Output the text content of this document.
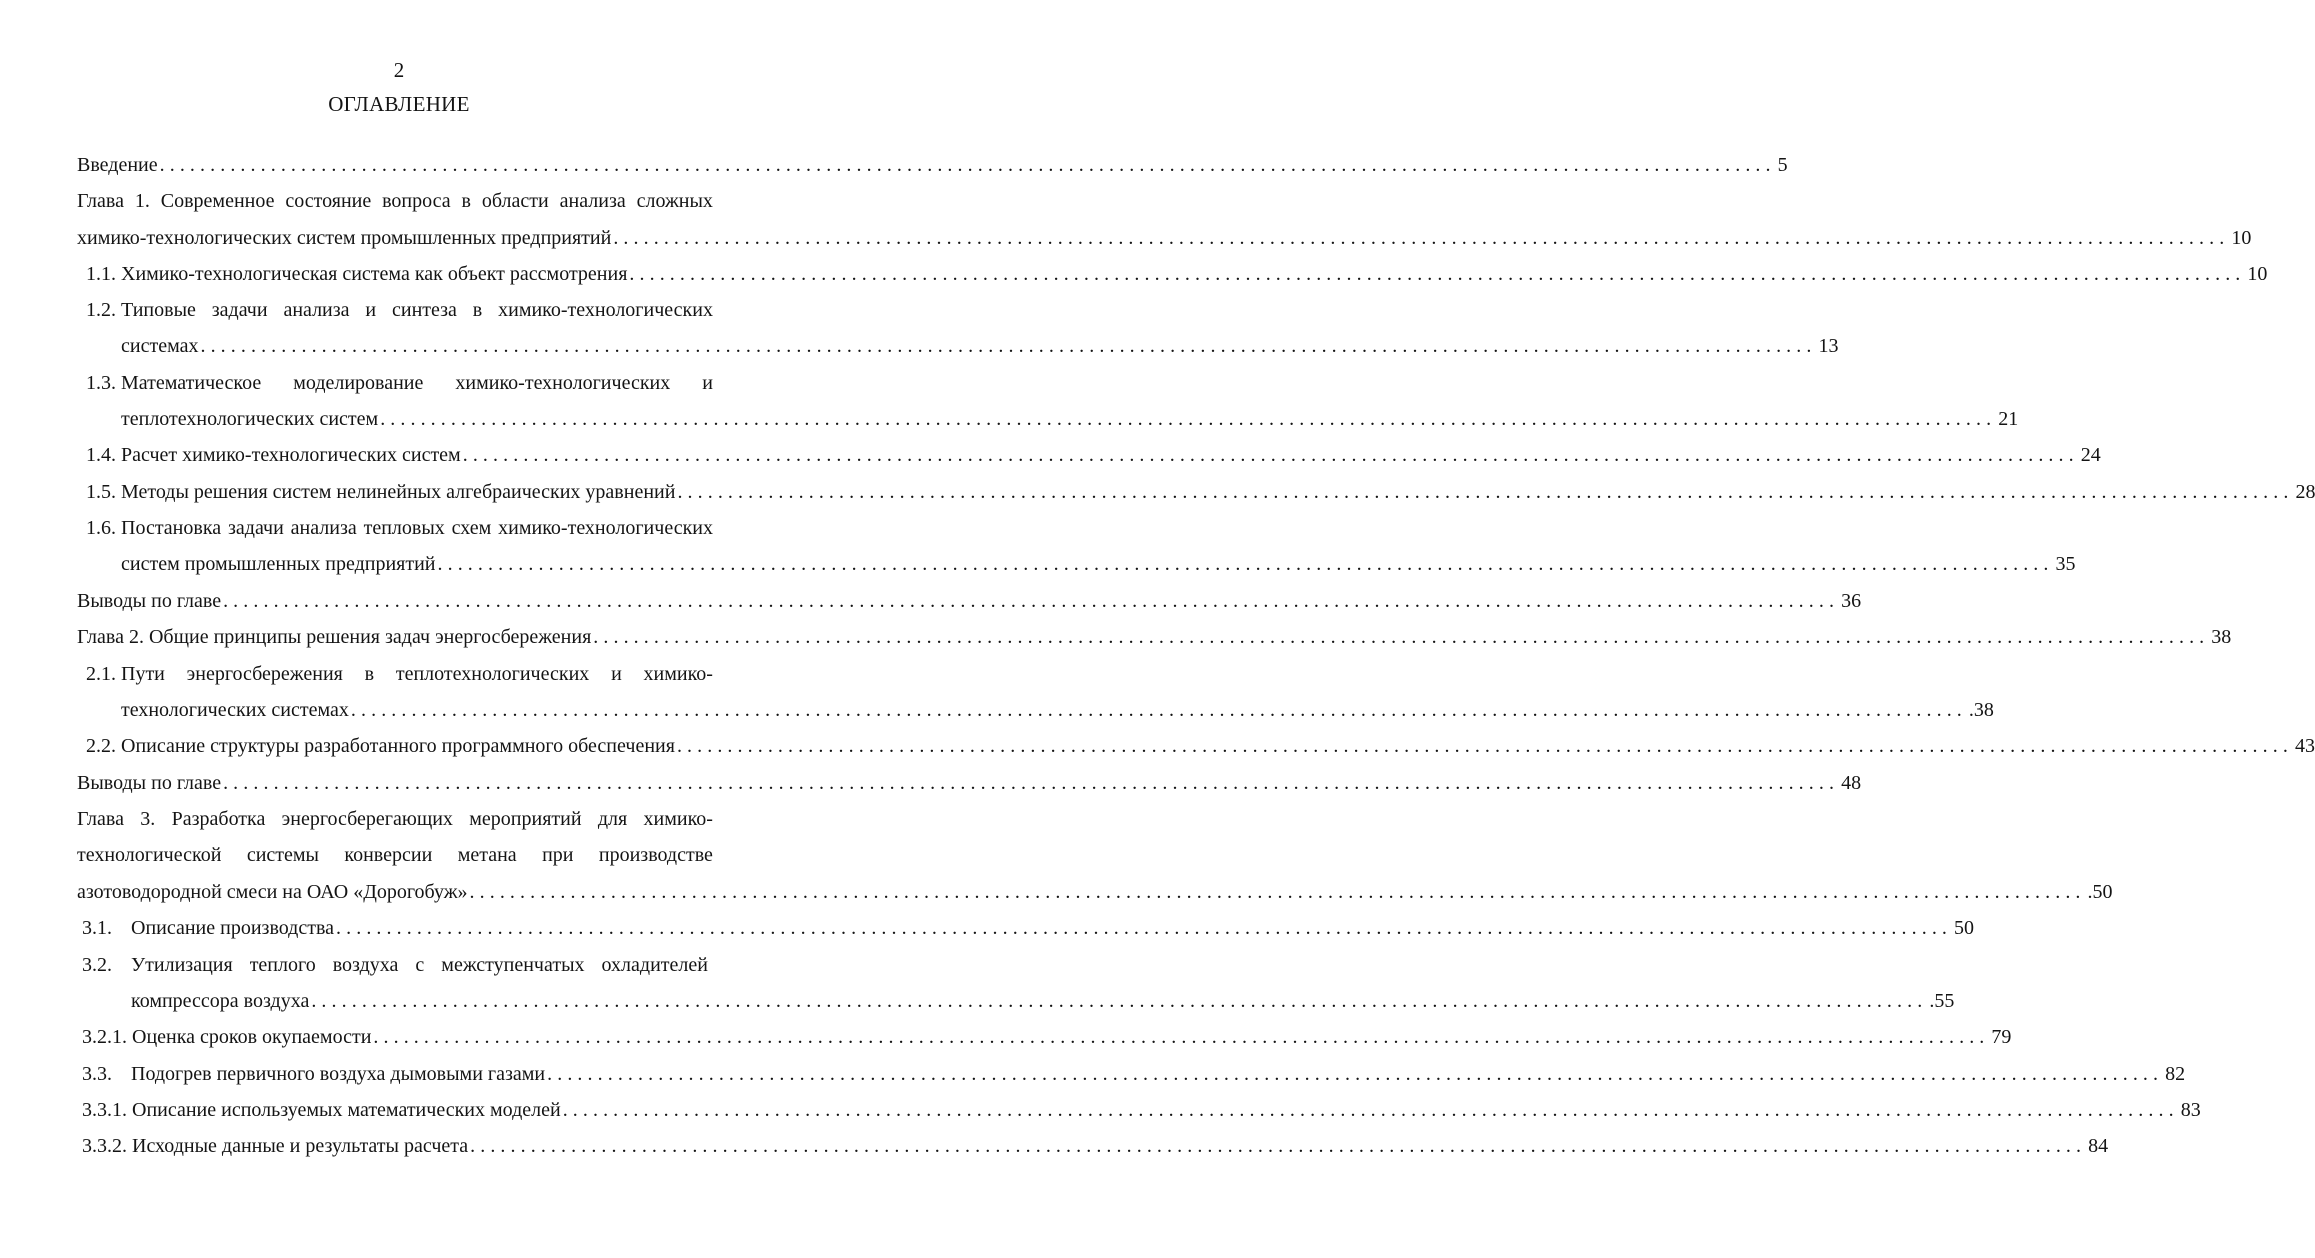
2
ОГЛАВЛЕНИЕ
Введение ................................................................................................................................................................ 5
Глава 1. Современное состояние вопроса в области анализа сложных
химико-технологических систем промышленных предприятий ................................................................................................................................................................ 10
1.1. Химико-технологическая система как объект рассмотрения ................................................................................................................................................................ 10
1.2. Типовые задачи анализа и синтеза в химико-технологических
системах ................................................................................................................................................................ 13
1.3. Математическое моделирование химико-технологических и
теплотехнологических систем ................................................................................................................................................................ 21
1.4. Расчет химико-технологических систем ................................................................................................................................................................ 24
1.5. Методы решения систем нелинейных алгебраических уравнений ................................................................................................................................................................ 28
1.6. Постановка задачи анализа тепловых схем химико-технологических
систем промышленных предприятий ................................................................................................................................................................ 35
Выводы по главе ................................................................................................................................................................ 36
Глава 2. Общие принципы решения задач энергосбережения ................................................................................................................................................................ 38
2.1. Пути энергосбережения в теплотехнологических и химико-
технологических системах ................................................................................................................................................................ .38
2.2. Описание структуры разработанного программного обеспечения ................................................................................................................................................................ 43
Выводы по главе ................................................................................................................................................................ 48
Глава 3. Разработка энергосберегающих мероприятий для химико-
технологической системы конверсии метана при производстве
азотоводородной смеси на ОАО «Дорогобуж» ................................................................................................................................................................ .50
3.1. Описание производства ................................................................................................................................................................ 50
3.2. Утилизация теплого воздуха с межступенчатых охладителей
компрессора воздуха ................................................................................................................................................................ .55
3.2.1. Оценка сроков окупаемости ................................................................................................................................................................ 79
3.3. Подогрев первичного воздуха дымовыми газами ................................................................................................................................................................ 82
3.3.1. Описание используемых математических моделей ................................................................................................................................................................ 83
3.3.2. Исходные данные и результаты расчета ................................................................................................................................................................ 84
